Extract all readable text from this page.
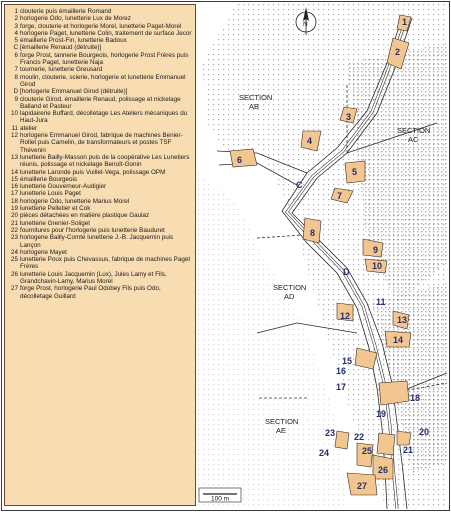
1 clouterie puis émaillerie Romand
2 horlogerie Odo, lunetterie Lux de Morez
3 forge, clouterie et horlogerie Morel, lunetterie Paget-Morel
4 horlogerie Paget, lunetterie Colin, traitement de surface Jecor
5 émaillerie Prost-Fin, lunetterie Badoux
C [émaillerie Renaud (détruite)]
6 forge Prost, tannerie Bourgeois, horlogerie Prost Frères puis Francis Paget, lunetterie Naja
7 tournerie, lunetterie Greusard
8 moulin, clouterie, scierie, horlogerie et lunetterie Emmanuel Girod
D [horlogerie Emmanuel Girod (détruite)]
9 clouterie Girod, émaillerie Renaud, polissage et nickelage Balland et Pasteur
10 lapidairerie Buffard, décolletage Les Ateliers mécaniques du Haut-Jura
11 atelier
12 horlogerie Emmanuel Girod, fabrique de machines Benier-Rollet puis Camelin, de transformateurs et postes TSF Thévenin
13 lunetterie Bailly-Masson puis de la coopérative Les Lunetiers réunis, polissage et nickelage Benoît-Gonin
14 lunetterie Laronde puis Vuillet-Vega, polissage OPM
15 émaillerie Bourgeois
16 lunetterie Gouverneur-Audigier
17 lunetterie Louis Paget
18 horlogerie Odo, lunetterie Marius Morel
19 lunetterie Pelletier et Cok
20 pièces détachées en matière plastique Gaulaz
21 lunetterie Grenier-Soliget
22 fournitures pour l'horlogerie puis lunetterie Bauduret
23 horlogerie Bailly-Comte lunetterie J.-B. Jacquemin puis Lançon
24 horlogerie Mayet
25 lunetterie Poux puis Chevassus, fabrique de machines Paget Frères
26 lunetterie Louis Jacquemin (Lux), Jules Lamy et Fils, Grandchavin-Lamy, Marius Morel
27 forge Prost, horlogerie Paul Odobey Fils puis Odo, décolletage Guillard
SECTION
AB
SECTION
AC
SECTION
AD
SECTION
AE
1
2
3
4
5
C
6
7
8
D
9
10
11
12	13
14
15
16
17
18
19
20
21
22
23
24	25
26
27
N
100 m
